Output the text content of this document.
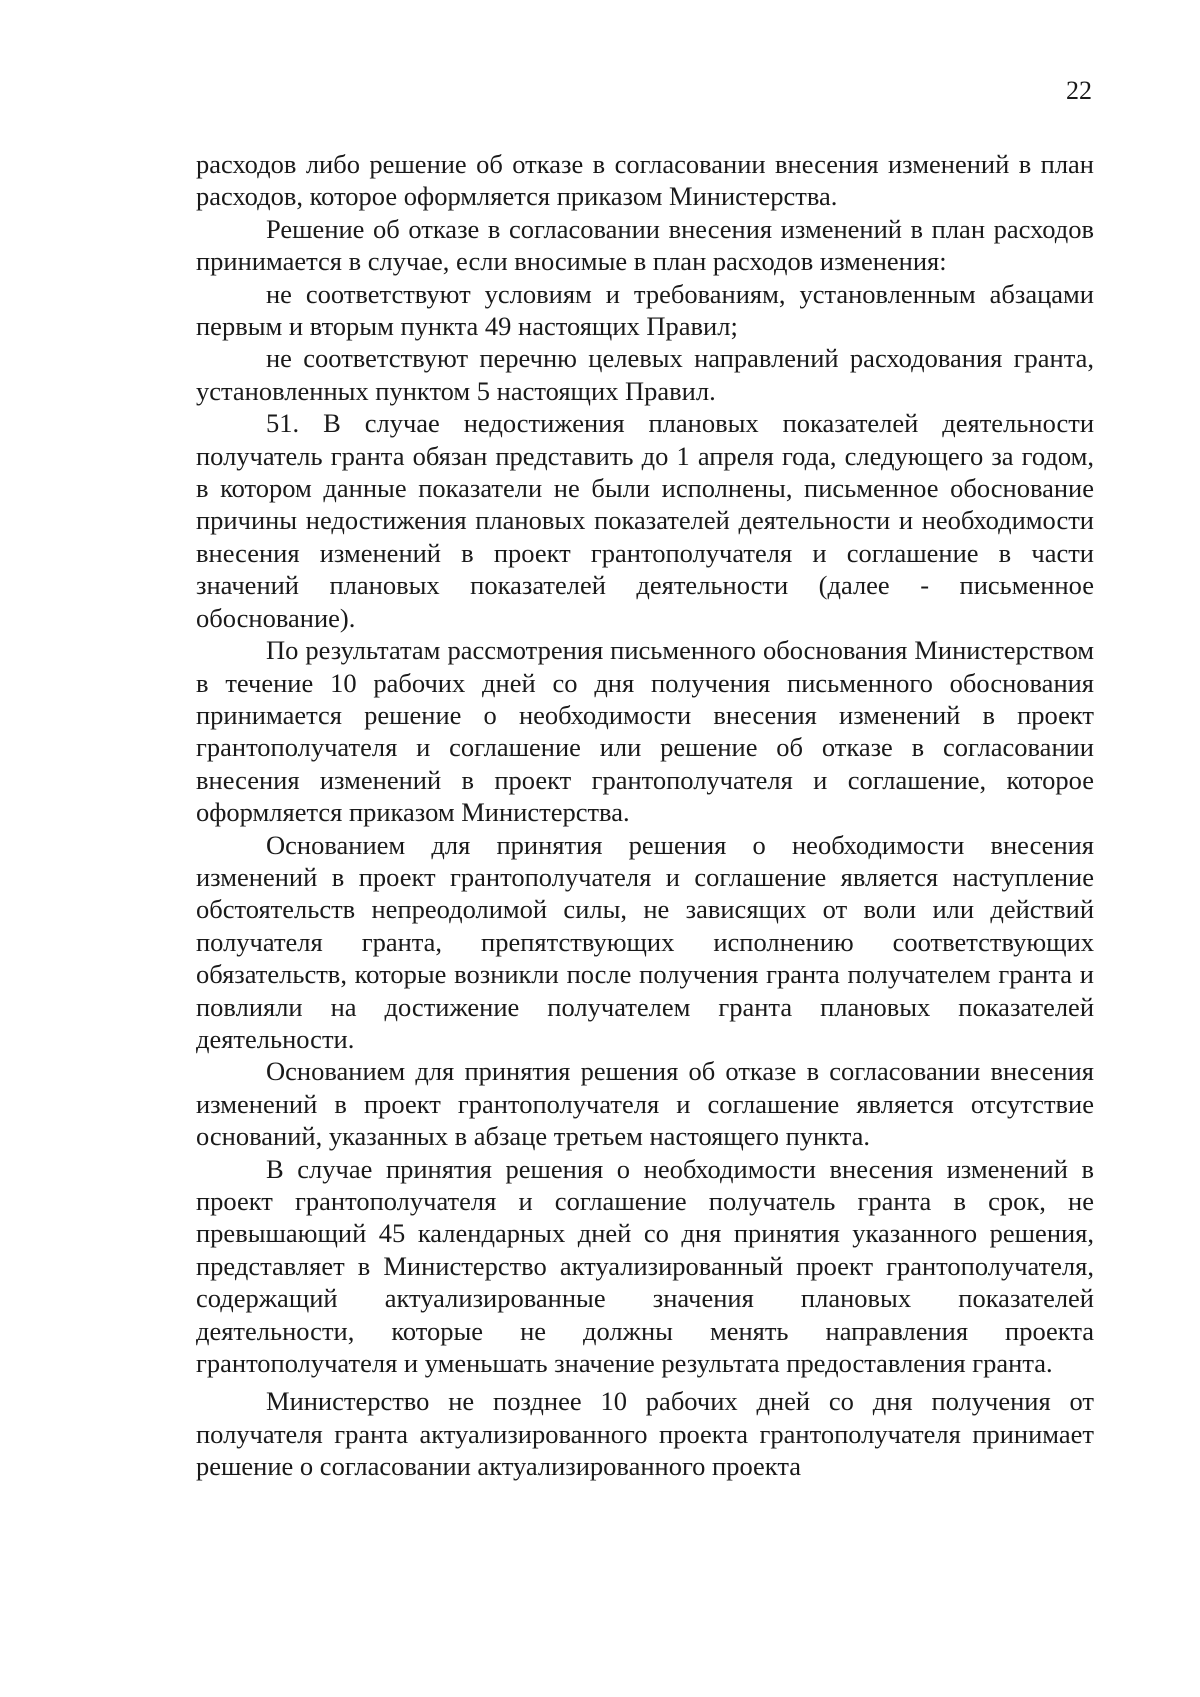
22

расходов либо решение об отказе в согласовании внесения изменений в план расходов, которое оформляется приказом Министерства.

Решение об отказе в согласовании внесения изменений в план расходов принимается в случае, если вносимые в план расходов изменения:

не соответствуют условиям и требованиям, установленным абзацами первым и вторым пункта 49 настоящих Правил;

не соответствуют перечню целевых направлений расходования гранта, установленных пунктом 5 настоящих Правил.

51. В случае недостижения плановых показателей деятельности получатель гранта обязан представить до 1 апреля года, следующего за годом, в котором данные показатели не были исполнены, письменное обоснование причины недостижения плановых показателей деятельности и необходимости внесения изменений в проект грантополучателя и соглашение в части значений плановых показателей деятельности (далее - письменное обоснование).

По результатам рассмотрения письменного обоснования Министерством в течение 10 рабочих дней со дня получения письменного обоснования принимается решение о необходимости внесения изменений в проект грантополучателя и соглашение или решение об отказе в согласовании внесения изменений в проект грантополучателя и соглашение, которое оформляется приказом Министерства.

Основанием для принятия решения о необходимости внесения изменений в проект грантополучателя и соглашение является наступление обстоятельств непреодолимой силы, не зависящих от воли или действий получателя гранта, препятствующих исполнению соответствующих обязательств, которые возникли после получения гранта получателем гранта и повлияли на достижение получателем гранта плановых показателей деятельности.

Основанием для принятия решения об отказе в согласовании внесения изменений в проект грантополучателя и соглашение является отсутствие оснований, указанных в абзаце третьем настоящего пункта.

В случае принятия решения о необходимости внесения изменений в проект грантополучателя и соглашение получатель гранта в срок, не превышающий 45 календарных дней со дня принятия указанного решения, представляет в Министерство актуализированный проект грантополучателя, содержащий актуализированные значения плановых показателей деятельности, которые не должны менять направления проекта грантополучателя и уменьшать значение результата предоставления гранта.

Министерство не позднее 10 рабочих дней со дня получения от получателя гранта актуализированного проекта грантополучателя принимает решение о согласовании актуализированного проекта
